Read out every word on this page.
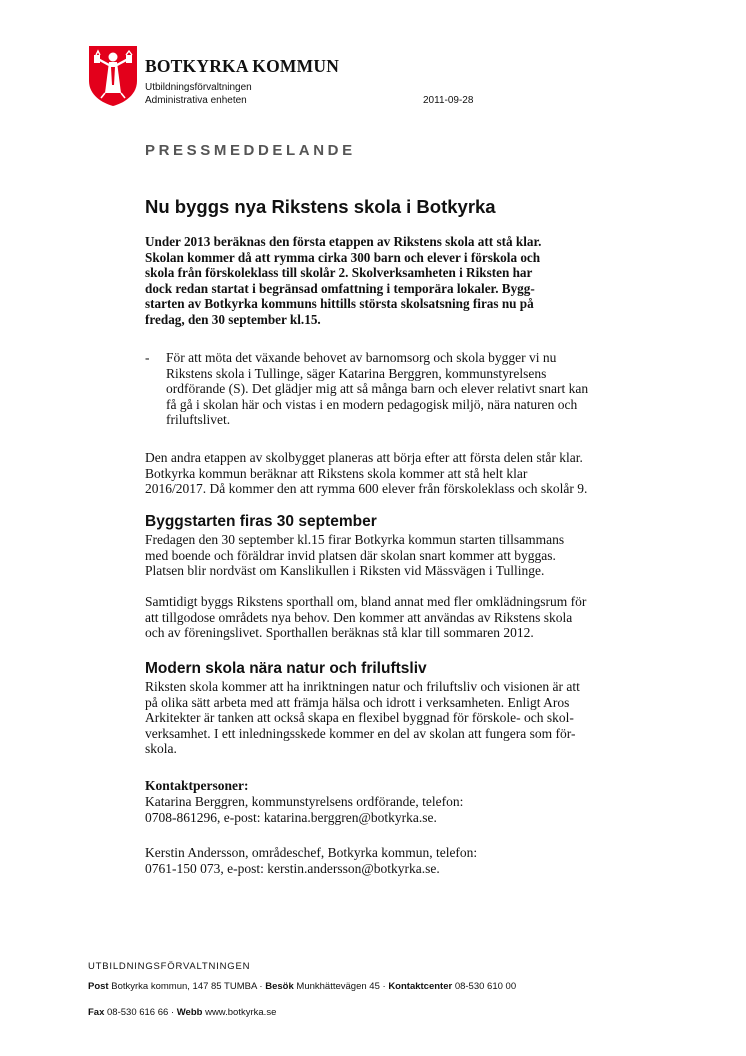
BOTKYRKA KOMMUN
Utbildningsförvaltningen
Administrativa enheten	2011-09-28
PRESSMEDDELANDE
Nu byggs nya Rikstens skola i Botkyrka
Under 2013 beräknas den första etappen av Rikstens skola att stå klar.
Skolan kommer då att rymma cirka 300 barn och elever i förskola och
skola från förskoleklass till skolår 2. Skolverksamheten i Riksten har
dock redan startat i begränsad omfattning i temporära lokaler. Bygg-
starten av Botkyrka kommuns hittills största skolsatsning firas nu på
fredag, den 30 september kl.15.
- För att möta det växande behovet av barnomsorg och skola bygger vi nu
Rikstens skola i Tullinge, säger Katarina Berggren, kommunstyrelsens
ordförande (S). Det glädjer mig att så många barn och elever relativt snart kan
få gå i skolan här och vistas i en modern pedagogisk miljö, nära naturen och
friluftslivet.
Den andra etappen av skolbygget planeras att börja efter att första delen står klar.
Botkyrka kommun beräknar att Rikstens skola kommer att stå helt klar
2016/2017. Då kommer den att rymma 600 elever från förskoleklass och skolår 9.
Byggstarten firas 30 september
Fredagen den 30 september kl.15 firar Botkyrka kommun starten tillsammans
med boende och föräldrar invid platsen där skolan snart kommer att byggas.
Platsen blir nordväst om Kanslikullen i Riksten vid Mässvägen i Tullinge.
Samtidigt byggs Rikstens sporthall om, bland annat med fler omklädningsrum för
att tillgodose områdets nya behov. Den kommer att användas av Rikstens skola
och av föreningslivet. Sporthallen beräknas stå klar till sommaren 2012.
Modern skola nära natur och friluftsliv
Riksten skola kommer att ha inriktningen natur och friluftsliv och visionen är att
på olika sätt arbeta med att främja hälsa och idrott i verksamheten. Enligt Aros
Arkitekter är tanken att också skapa en flexibel byggnad för förskole- och skol-
verksamhet. I ett inledningsskede kommer en del av skolan att fungera som för-
skola.
Kontaktpersoner:
Katarina Berggren, kommunstyrelsens ordförande, telefon:
0708-861296, e-post: katarina.berggren@botkyrka.se.
Kerstin Andersson, områdeschef, Botkyrka kommun, telefon:
0761-150 073, e-post: kerstin.andersson@botkyrka.se.
UTBILDNINGSFÖRVALTNINGEN
Post Botkyrka kommun, 147 85 TUMBA · Besök Munkhättevägen 45 · Kontaktcenter 08-530 610 00
Fax 08-530 616 66 · Webb www.botkyrka.se
